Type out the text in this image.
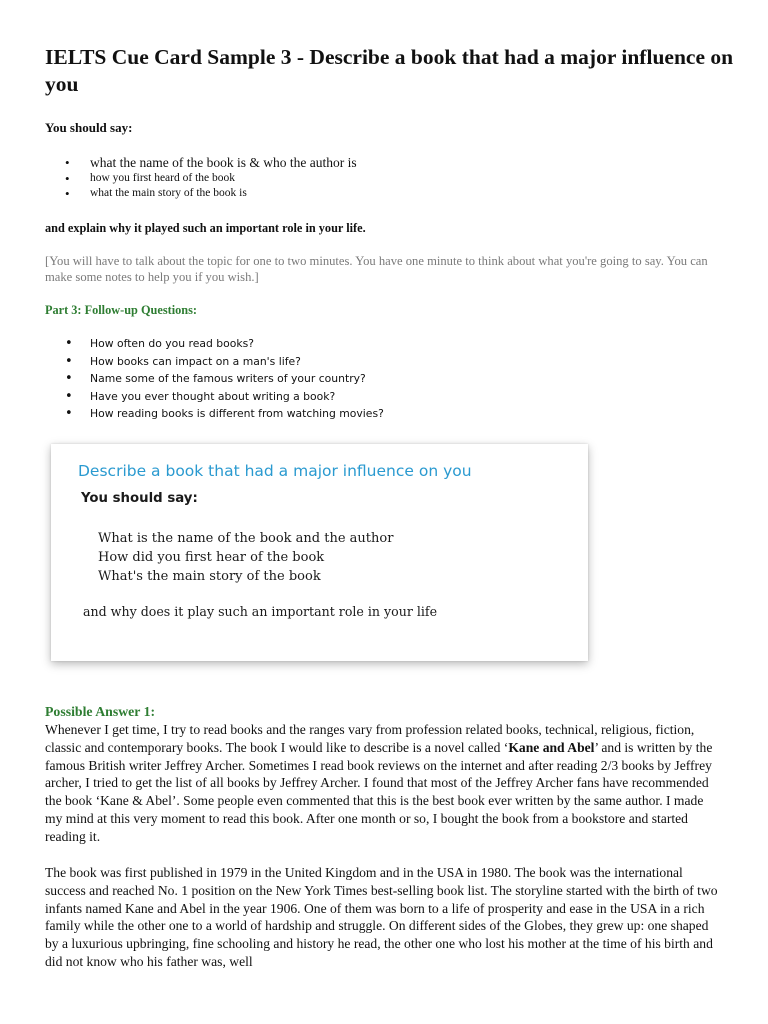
IELTS Cue Card Sample 3 - Describe a book that had a major influence on you
You should say:
• what the name of the book is & who the author is
• how you first heard of the book
• what the main story of the book is
and explain why it played such an important role in your life.

[You will have to talk about the topic for one to two minutes. You have one minute to think about what you're going to say. You can make some notes to help you if you wish.]

Part 3: Follow-up Questions:
• How often do you read books?
• How books can impact on a man's life?
• Name some of the famous writers of your country?
• Have you ever thought about writing a book?
• How reading books is different from watching movies?
Describe a book that had a major influence on you
You should say:
What is the name of the book and the author
How did you first hear of the book
What's the main story of the book
and why does it play such an important role in your life
Possible Answer 1:

Whenever I get time, I try to read books and the ranges vary from profession related books, technical, religious, fiction, classic and contemporary books. The book I would like to describe is a novel called ‘Kane and Abel’ and is written by the famous British writer Jeffrey Archer. Sometimes I read book reviews on the internet and after reading 2/3 books by Jeffrey archer, I tried to get the list of all books by Jeffrey Archer. I found that most of the Jeffrey Archer fans have recommended the book ‘Kane & Abel’. Some people even commented that this is the best book ever written by the same author. I made my mind at this very moment to read this book. After one month or so, I bought the book from a bookstore and started reading it.

The book was first published in 1979 in the United Kingdom and in the USA in 1980. The book was the international success and reached No. 1 position on the New York Times best-selling book list. The storyline started with the birth of two infants named Kane and Abel in the year 1906. One of them was born to a life of prosperity and ease in the USA in a rich family while the other one to a world of hardship and struggle. On different sides of the Globes, they grew up: one shaped by a luxurious upbringing, fine schooling and history he read, the other one who lost his mother at the time of his birth and did not know who his father was, well
